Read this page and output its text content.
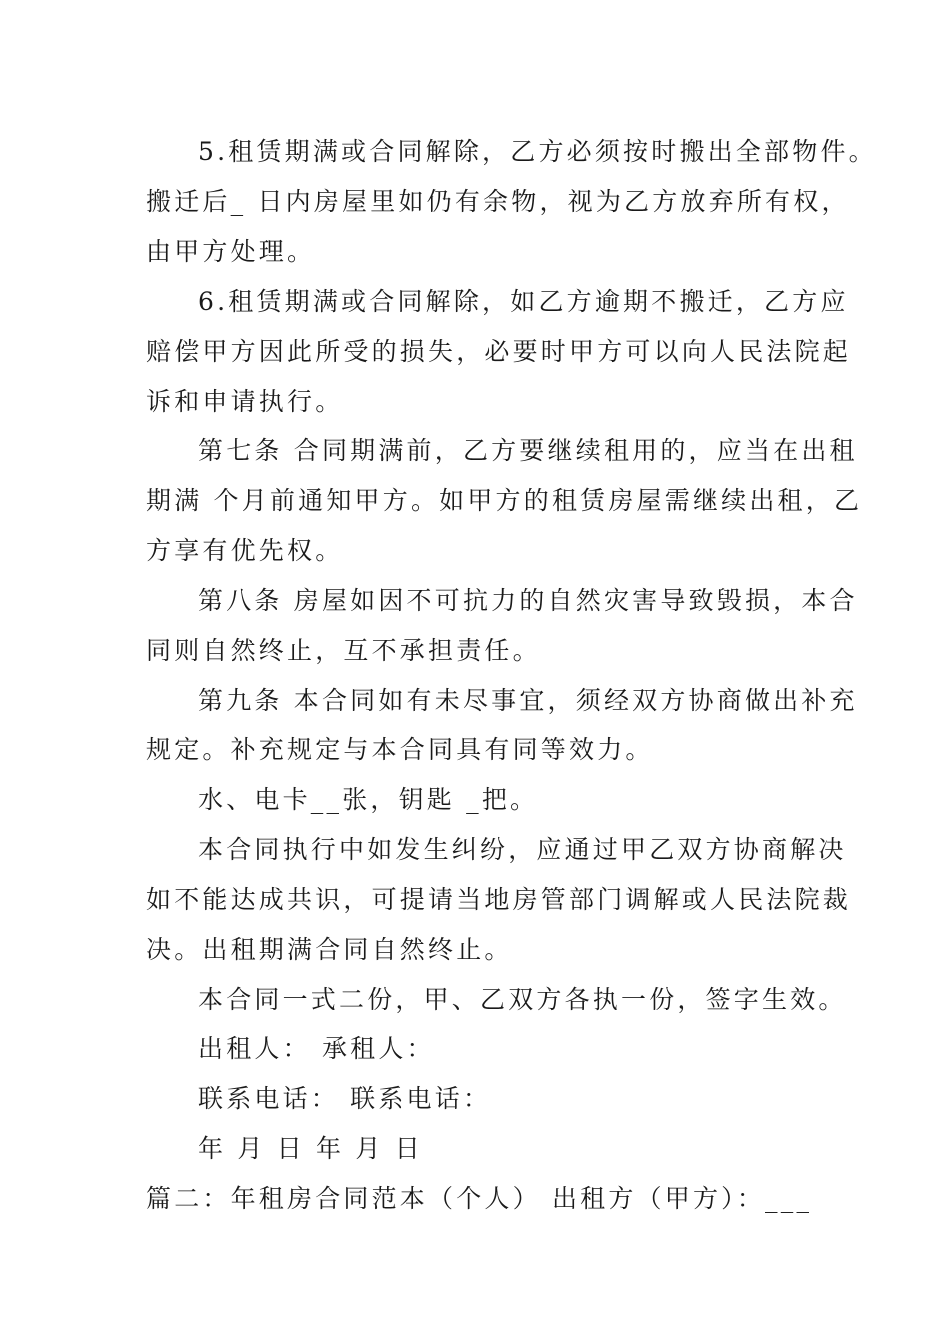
5.租赁期满或合同解除，乙方必须按时搬出全部物件。
搬迁后_ 日内房屋里如仍有余物，视为乙方放弃所有权，
由甲方处理。
6.租赁期满或合同解除，如乙方逾期不搬迁，乙方应
赔偿甲方因此所受的损失，必要时甲方可以向人民法院起
诉和申请执行。
第七条 合同期满前，乙方要继续租用的，应当在出租
期满 个月前通知甲方。如甲方的租赁房屋需继续出租，乙
方享有优先权。
第八条 房屋如因不可抗力的自然灾害导致毁损，本合
同则自然终止，互不承担责任。
第九条 本合同如有未尽事宜，须经双方协商做出补充
规定。补充规定与本合同具有同等效力。
水、电卡__张，钥匙 _把。
本合同执行中如发生纠纷，应通过甲乙双方协商解决
如不能达成共识，可提请当地房管部门调解或人民法院裁
决。出租期满合同自然终止。
本合同一式二份，甲、乙双方各执一份，签字生效。
出租人： 承租人：
联系电话： 联系电话：
年 月 日 年 月 日
篇二：年租房合同范本（个人） 出租方（甲方）：___
